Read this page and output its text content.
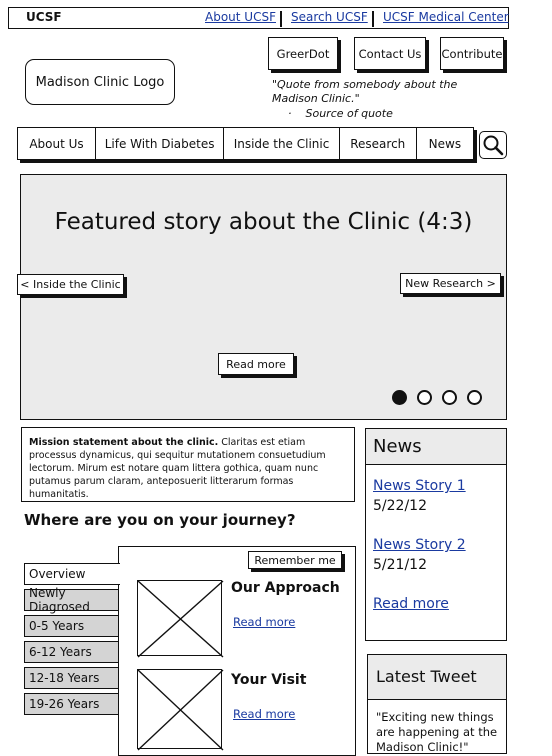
UCSF	About UCSF Search UCSF UCSF Medical Center
Madison Clinic Logo
GreerDot	Contact Us	Contribute
"Quote from somebody about the Madison Clinic."
·    Source of quote
About Us	Life With Diabetes	Inside the Clinic	Research	News
Featured story about the Clinic (4:3)
< Inside the Clinic	New Research >
Read more
Mission statement about the clinic. Claritas est etiam processus dynamicus, qui sequitur mutationem consuetudium lectorum. Mirum est notare quam littera gothica, quam nunc putamus parum claram, anteposuerit litterarum formas humanitatis.
Where are you on your journey?
Remember me
Overview
Newly Diagrosed
0-5 Years
6-12 Years
12-18 Years
19-26 Years
Our Approach
Read more
Your Visit
Read more
News
News Story 1
5/22/12
News Story 2
5/21/12
Read more
Latest Tweet
"Exciting new things are happening at the Madison Clinic!"
